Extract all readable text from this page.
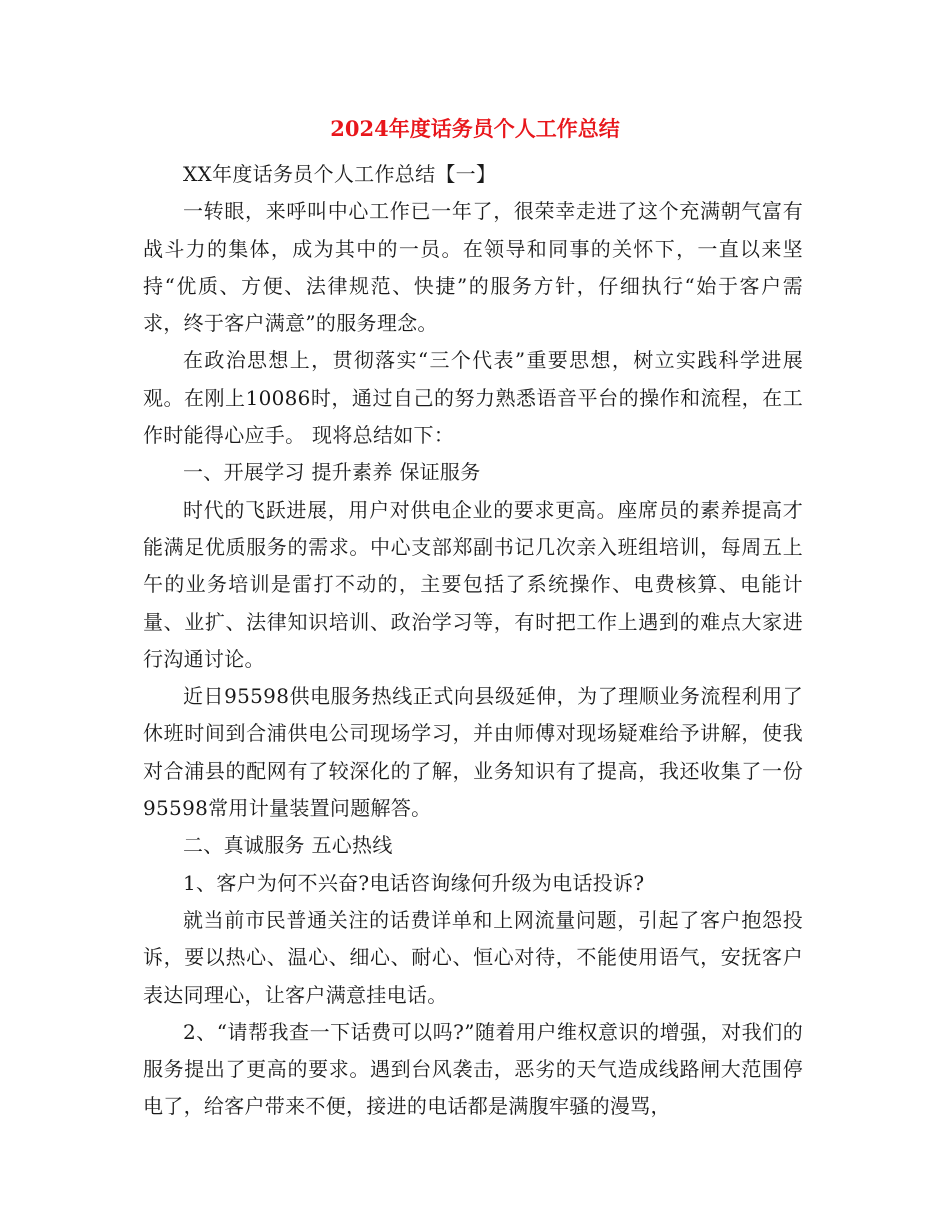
2024年度话务员个人工作总结

XX年度话务员个人工作总结【一】

一转眼，来呼叫中心工作已一年了，很荣幸走进了这个充满朝气富有战斗力的集体，成为其中的一员。在领导和同事的关怀下，一直以来坚持“优质、方便、法律规范、快捷”的服务方针，仔细执行“始于客户需求，终于客户满意”的服务理念。

在政治思想上，贯彻落实“三个代表”重要思想，树立实践科学进展观。在刚上10086时，通过自己的努力熟悉语音平台的操作和流程，在工作时能得心应手。 现将总结如下：

一、开展学习 提升素养 保证服务

时代的飞跃进展，用户对供电企业的要求更高。座席员的素养提高才能满足优质服务的需求。中心支部郑副书记几次亲入班组培训，每周五上午的业务培训是雷打不动的，主要包括了系统操作、电费核算、电能计量、业扩、法律知识培训、政治学习等，有时把工作上遇到的难点大家进行沟通讨论。

近日95598供电服务热线正式向县级延伸，为了理顺业务流程利用了休班时间到合浦供电公司现场学习，并由师傅对现场疑难给予讲解，使我对合浦县的配网有了较深化的了解，业务知识有了提高，我还收集了一份95598常用计量装置问题解答。

二、真诚服务 五心热线

1、客户为何不兴奋?电话咨询缘何升级为电话投诉?

就当前市民普通关注的话费详单和上网流量问题，引起了客户抱怨投诉，要以热心、温心、细心、耐心、恒心对待，不能使用语气，安抚客户表达同理心，让客户满意挂电话。

2、“请帮我查一下话费可以吗?”随着用户维权意识的增强，对我们的服务提出了更高的要求。遇到台风袭击，恶劣的天气造成线路闸大范围停电了，给客户带来不便，接进的电话都是满腹牢骚的漫骂，
